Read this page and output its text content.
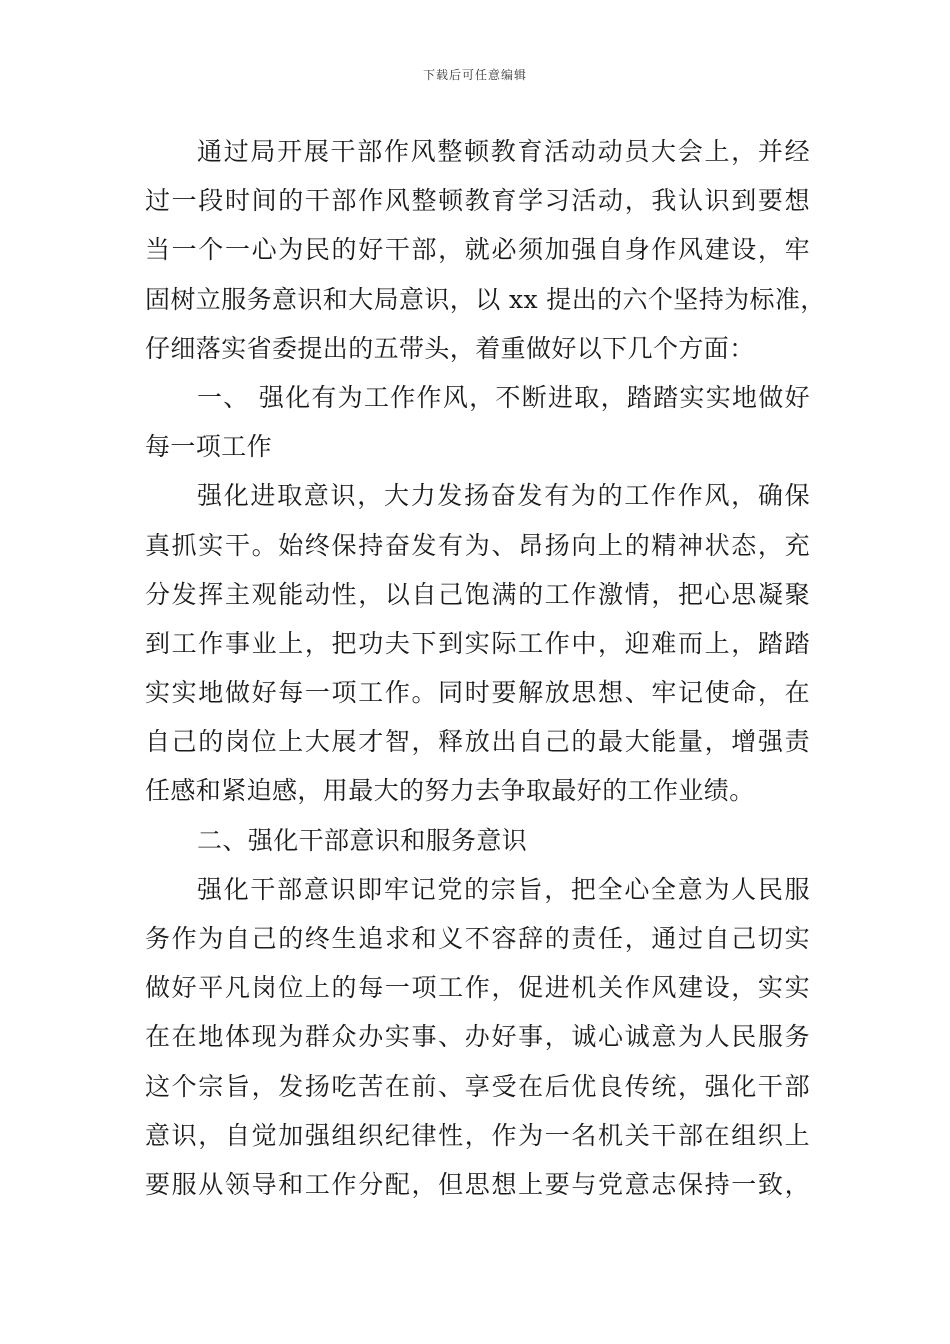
下载后可任意编辑
通过局开展干部作风整顿教育活动动员大会上，并经
过一段时间的干部作风整顿教育学习活动，我认识到要想
当一个一心为民的好干部，就必须加强自身作风建设，牢
固树立服务意识和大局意识，以 xx 提出的六个坚持为标准，
仔细落实省委提出的五带头，着重做好以下几个方面：
一、 强化有为工作作风，不断进取，踏踏实实地做好
每一项工作
强化进取意识，大力发扬奋发有为的工作作风，确保
真抓实干。始终保持奋发有为、昂扬向上的精神状态，充
分发挥主观能动性，以自己饱满的工作激情，把心思凝聚
到工作事业上，把功夫下到实际工作中，迎难而上，踏踏
实实地做好每一项工作。同时要解放思想、牢记使命，在
自己的岗位上大展才智，释放出自己的最大能量，增强责
任感和紧迫感，用最大的努力去争取最好的工作业绩。
二、强化干部意识和服务意识
强化干部意识即牢记党的宗旨，把全心全意为人民服
务作为自己的终生追求和义不容辞的责任，通过自己切实
做好平凡岗位上的每一项工作，促进机关作风建设，实实
在在地体现为群众办实事、办好事，诚心诚意为人民服务
这个宗旨，发扬吃苦在前、享受在后优良传统，强化干部
意识，自觉加强组织纪律性，作为一名机关干部在组织上
要服从领导和工作分配，但思想上要与党意志保持一致，
